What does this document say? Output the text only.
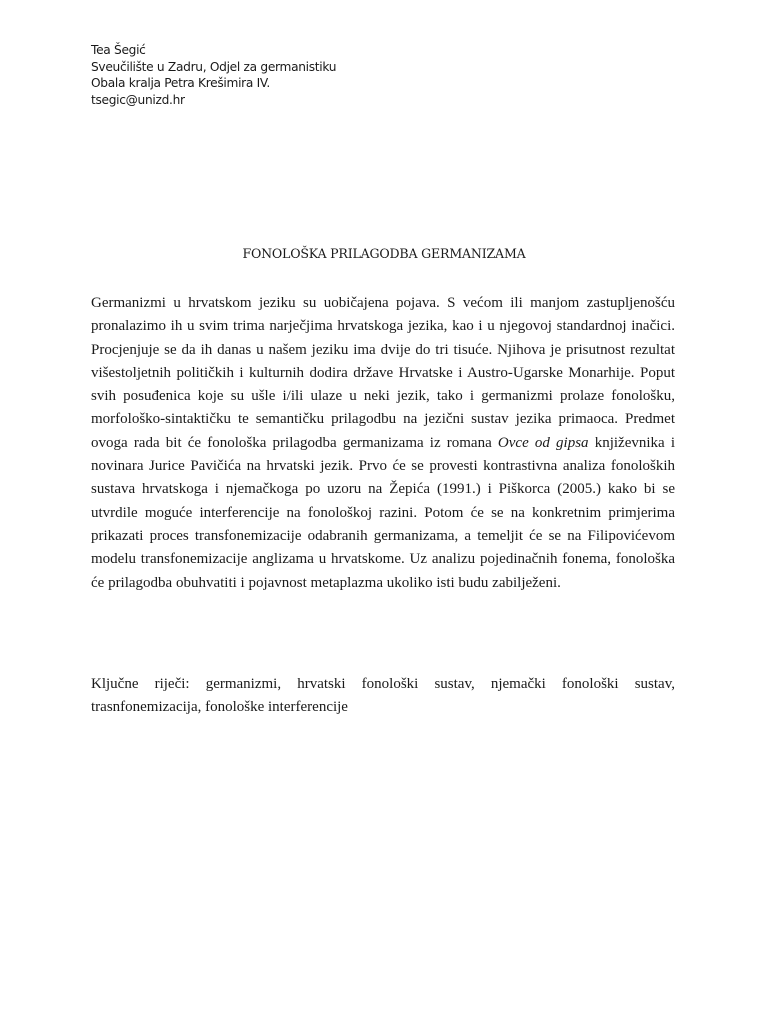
Tea Šegić
Sveučilište u Zadru, Odjel za germanistiku
Obala kralja Petra Krešimira IV.
tsegic@unizd.hr
FONOLOŠKA PRILAGODBA GERMANIZAMA

Germanizmi u hrvatskom jeziku su uobičajena pojava. S većom ili manjom zastupljenošću pronalazimo ih u svim trima narječjima hrvatskoga jezika, kao i u njegovoj standardnoj inačici. Procjenjuje se da ih danas u našem jeziku ima dvije do tri tisuće. Njihova je prisutnost rezultat višestoljetnih političkih i kulturnih dodira države Hrvatske i Austro-Ugarske Monarhije. Poput svih posuđenica koje su ušle i/ili ulaze u neki jezik, tako i germanizmi prolaze fonološku, morfološko-sintaktičku te semantičku prilagodbu na jezični sustav jezika primaoca. Predmet ovoga rada bit će fonološka prilagodba germanizama iz romana Ovce od gipsa književnika i novinara Jurice Pavičića na hrvatski jezik. Prvo će se provesti kontrastivna analiza fonoloških sustava hrvatskoga i njemačkoga po uzoru na Žepića (1991.) i Piškorca (2005.) kako bi se utvrdile moguće interferencije na fonološkoj razini. Potom će se na konkretnim primjerima prikazati proces transfonemizacije odabranih germanizama, a temeljit će se na Filipovićevom modelu transfonemizacije anglizama u hrvatskome. Uz analizu pojedinačnih fonema, fonološka će prilagodba obuhvatiti i pojavnost metaplazma ukoliko isti budu zabilježeni.

Ključne riječi: germanizmi, hrvatski fonološki sustav, njemački fonološki sustav, trasnfonemizacija, fonološke interferencije
